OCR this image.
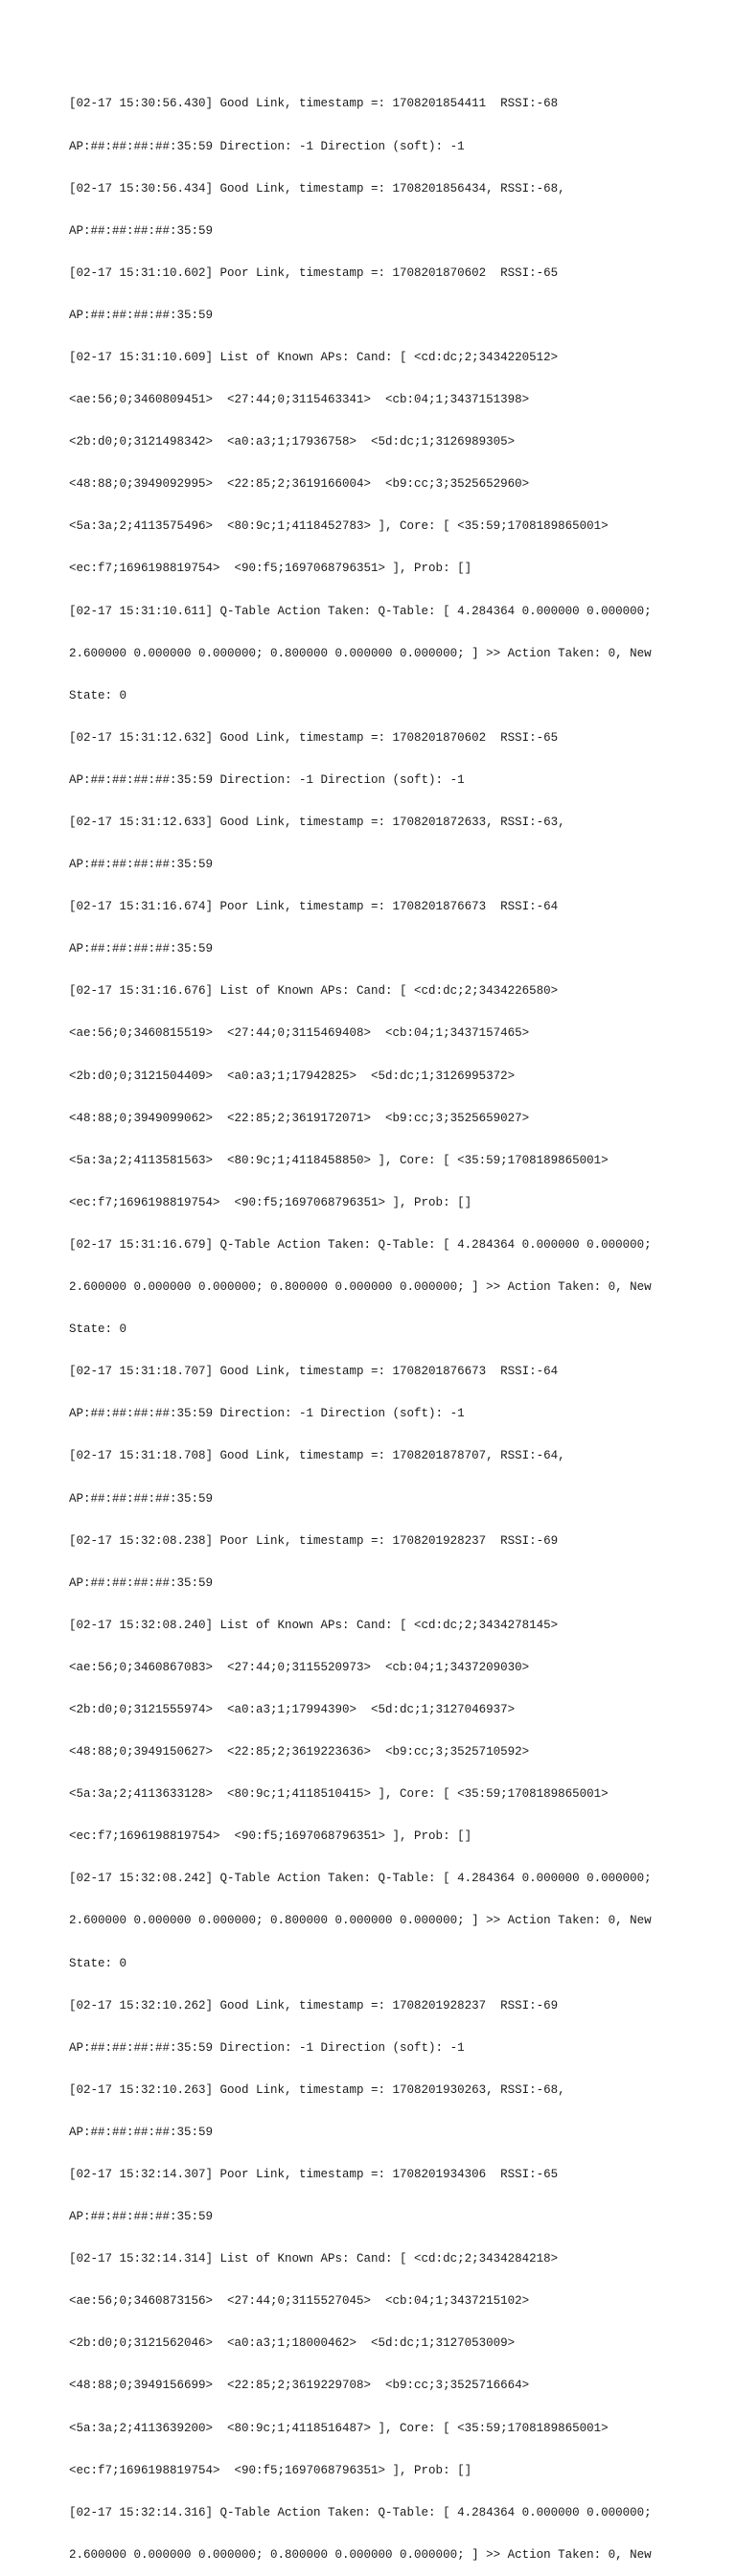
[02-17 15:30:56.430] Good Link, timestamp =: 1708201854411  RSSI:-68

AP:##:##:##:##:35:59 Direction: -1 Direction (soft): -1

[02-17 15:30:56.434] Good Link, timestamp =: 1708201856434, RSSI:-68,

AP:##:##:##:##:35:59

[02-17 15:31:10.602] Poor Link, timestamp =: 1708201870602  RSSI:-65

AP:##:##:##:##:35:59

[02-17 15:31:10.609] List of Known APs: Cand: [ <cd:dc;2;3434220512>

<ae:56;0;3460809451>  <27:44;0;3115463341>  <cb:04;1;3437151398>

<2b:d0;0;3121498342>  <a0:a3;1;17936758>  <5d:dc;1;3126989305>

<48:88;0;3949092995>  <22:85;2;3619166004>  <b9:cc;3;3525652960>

<5a:3a;2;4113575496>  <80:9c;1;4118452783> ], Core: [ <35:59;1708189865001>

<ec:f7;1696198819754>  <90:f5;1697068796351> ], Prob: []

[02-17 15:31:10.611] Q-Table Action Taken: Q-Table: [ 4.284364 0.000000 0.000000;

2.600000 0.000000 0.000000; 0.800000 0.000000 0.000000; ] >> Action Taken: 0, New

State: 0

[02-17 15:31:12.632] Good Link, timestamp =: 1708201870602  RSSI:-65

AP:##:##:##:##:35:59 Direction: -1 Direction (soft): -1

[02-17 15:31:12.633] Good Link, timestamp =: 1708201872633, RSSI:-63,

AP:##:##:##:##:35:59

[02-17 15:31:16.674] Poor Link, timestamp =: 1708201876673  RSSI:-64

AP:##:##:##:##:35:59

[02-17 15:31:16.676] List of Known APs: Cand: [ <cd:dc;2;3434226580>

<ae:56;0;3460815519>  <27:44;0;3115469408>  <cb:04;1;3437157465>

<2b:d0;0;3121504409>  <a0:a3;1;17942825>  <5d:dc;1;3126995372>

<48:88;0;3949099062>  <22:85;2;3619172071>  <b9:cc;3;3525659027>

<5a:3a;2;4113581563>  <80:9c;1;4118458850> ], Core: [ <35:59;1708189865001>

<ec:f7;1696198819754>  <90:f5;1697068796351> ], Prob: []

[02-17 15:31:16.679] Q-Table Action Taken: Q-Table: [ 4.284364 0.000000 0.000000;

2.600000 0.000000 0.000000; 0.800000 0.000000 0.000000; ] >> Action Taken: 0, New

State: 0

[02-17 15:31:18.707] Good Link, timestamp =: 1708201876673  RSSI:-64

AP:##:##:##:##:35:59 Direction: -1 Direction (soft): -1

[02-17 15:31:18.708] Good Link, timestamp =: 1708201878707, RSSI:-64,

AP:##:##:##:##:35:59

[02-17 15:32:08.238] Poor Link, timestamp =: 1708201928237  RSSI:-69

AP:##:##:##:##:35:59

[02-17 15:32:08.240] List of Known APs: Cand: [ <cd:dc;2;3434278145>

<ae:56;0;3460867083>  <27:44;0;3115520973>  <cb:04;1;3437209030>

<2b:d0;0;3121555974>  <a0:a3;1;17994390>  <5d:dc;1;3127046937>

<48:88;0;3949150627>  <22:85;2;3619223636>  <b9:cc;3;3525710592>

<5a:3a;2;4113633128>  <80:9c;1;4118510415> ], Core: [ <35:59;1708189865001>

<ec:f7;1696198819754>  <90:f5;1697068796351> ], Prob: []

[02-17 15:32:08.242] Q-Table Action Taken: Q-Table: [ 4.284364 0.000000 0.000000;

2.600000 0.000000 0.000000; 0.800000 0.000000 0.000000; ] >> Action Taken: 0, New

State: 0

[02-17 15:32:10.262] Good Link, timestamp =: 1708201928237  RSSI:-69

AP:##:##:##:##:35:59 Direction: -1 Direction (soft): -1

[02-17 15:32:10.263] Good Link, timestamp =: 1708201930263, RSSI:-68,

AP:##:##:##:##:35:59

[02-17 15:32:14.307] Poor Link, timestamp =: 1708201934306  RSSI:-65

AP:##:##:##:##:35:59

[02-17 15:32:14.314] List of Known APs: Cand: [ <cd:dc;2;3434284218>

<ae:56;0;3460873156>  <27:44;0;3115527045>  <cb:04;1;3437215102>

<2b:d0;0;3121562046>  <a0:a3;1;18000462>  <5d:dc;1;3127053009>

<48:88;0;3949156699>  <22:85;2;3619229708>  <b9:cc;3;3525716664>

<5a:3a;2;4113639200>  <80:9c;1;4118516487> ], Core: [ <35:59;1708189865001>

<ec:f7;1696198819754>  <90:f5;1697068796351> ], Prob: []

[02-17 15:32:14.316] Q-Table Action Taken: Q-Table: [ 4.284364 0.000000 0.000000;

2.600000 0.000000 0.000000; 0.800000 0.000000 0.000000; ] >> Action Taken: 0, New
